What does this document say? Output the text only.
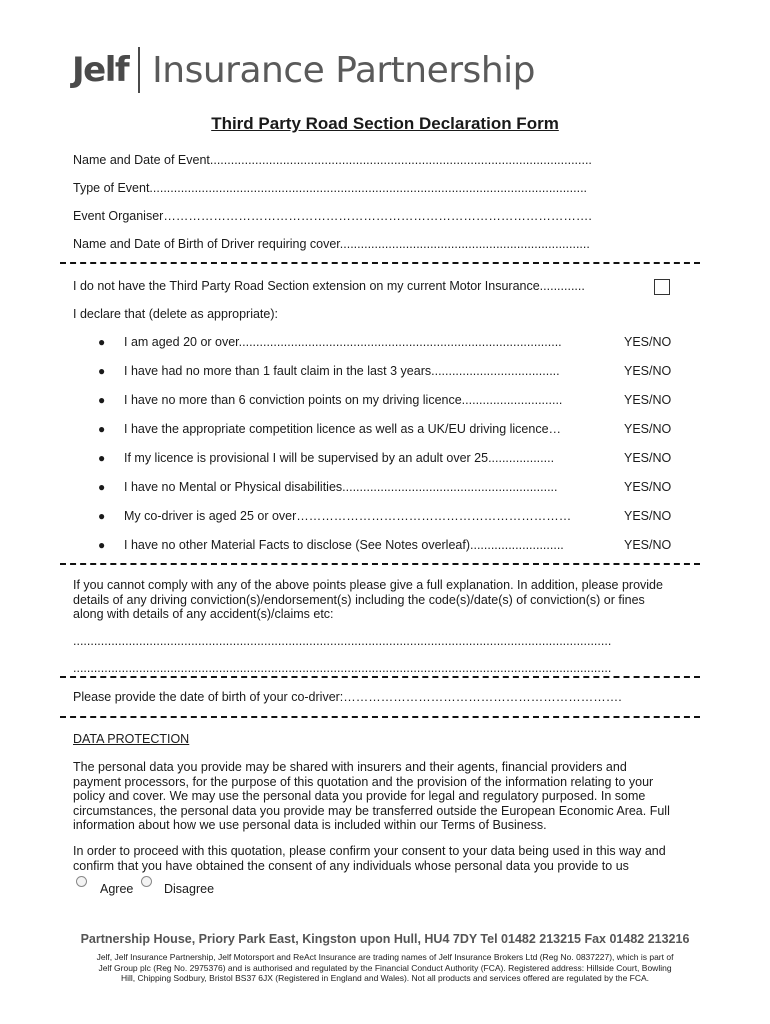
Jelf Insurance Partnership
Third Party Road Section Declaration Form
Name and Date of Event..............................................................................................................
Type of Event..............................................................................................................................
Event Organiser………………………………………………………………………………………….
Name and Date of Birth of Driver requiring cover........................................................................
I do not have the Third Party Road Section extension on my current Motor Insurance.............
I declare that (delete as appropriate):
● I am aged 20 or over.............................................................................................	YES/NO
● I have had no more than 1 fault claim in the last 3 years.....................................	YES/NO
● I have no more than 6 conviction points on my driving licence.............................	YES/NO
● I have the appropriate competition licence as well as a UK/EU driving licence…	YES/NO
● If my licence is provisional I will be supervised by an adult over 25...................	YES/NO
● I have no Mental or Physical disabilities..............................................................	YES/NO
● My co-driver is aged 25 or over…………………………………………………………	YES/NO
● I have no other Material Facts to disclose (See Notes overleaf)...........................	YES/NO
If you cannot comply with any of the above points please give a full explanation. In addition, please provide
details of any driving conviction(s)/endorsement(s) including the code(s)/date(s) of conviction(s) or fines
along with details of any accident(s)/claims etc:
...........................................................................................................................................................
...........................................................................................................................................................
Please provide the date of birth of your co-driver:………………………………………………………….
DATA PROTECTION
The personal data you provide may be shared with insurers and their agents, financial providers and
payment processors, for the purpose of this quotation and the provision of the information relating to your
policy and cover. We may use the personal data you provide for legal and regulatory purposed. In some
circumstances, the personal data you provide may be transferred outside the European Economic Area. Full
information about how we use personal data is included within our Terms of Business.
In order to proceed with this quotation, please confirm your consent to your data being used in this way and
confirm that you have obtained the consent of any individuals whose personal data you provide to us
Agree Disagree
Partnership House, Priory Park East, Kingston upon Hull, HU4 7DY Tel 01482 213215 Fax 01482 213216
Jelf, Jelf Insurance Partnership, Jelf Motorsport and ReAct Insurance are trading names of Jelf Insurance Brokers Ltd (Reg No. 0837227), which is part of
Jelf Group plc (Reg No. 2975376) and is authorised and regulated by the Financial Conduct Authority (FCA). Registered address: Hillside Court, Bowling
Hill, Chipping Sodbury, Bristol BS37 6JX (Registered in England and Wales). Not all products and services offered are regulated by the FCA.
